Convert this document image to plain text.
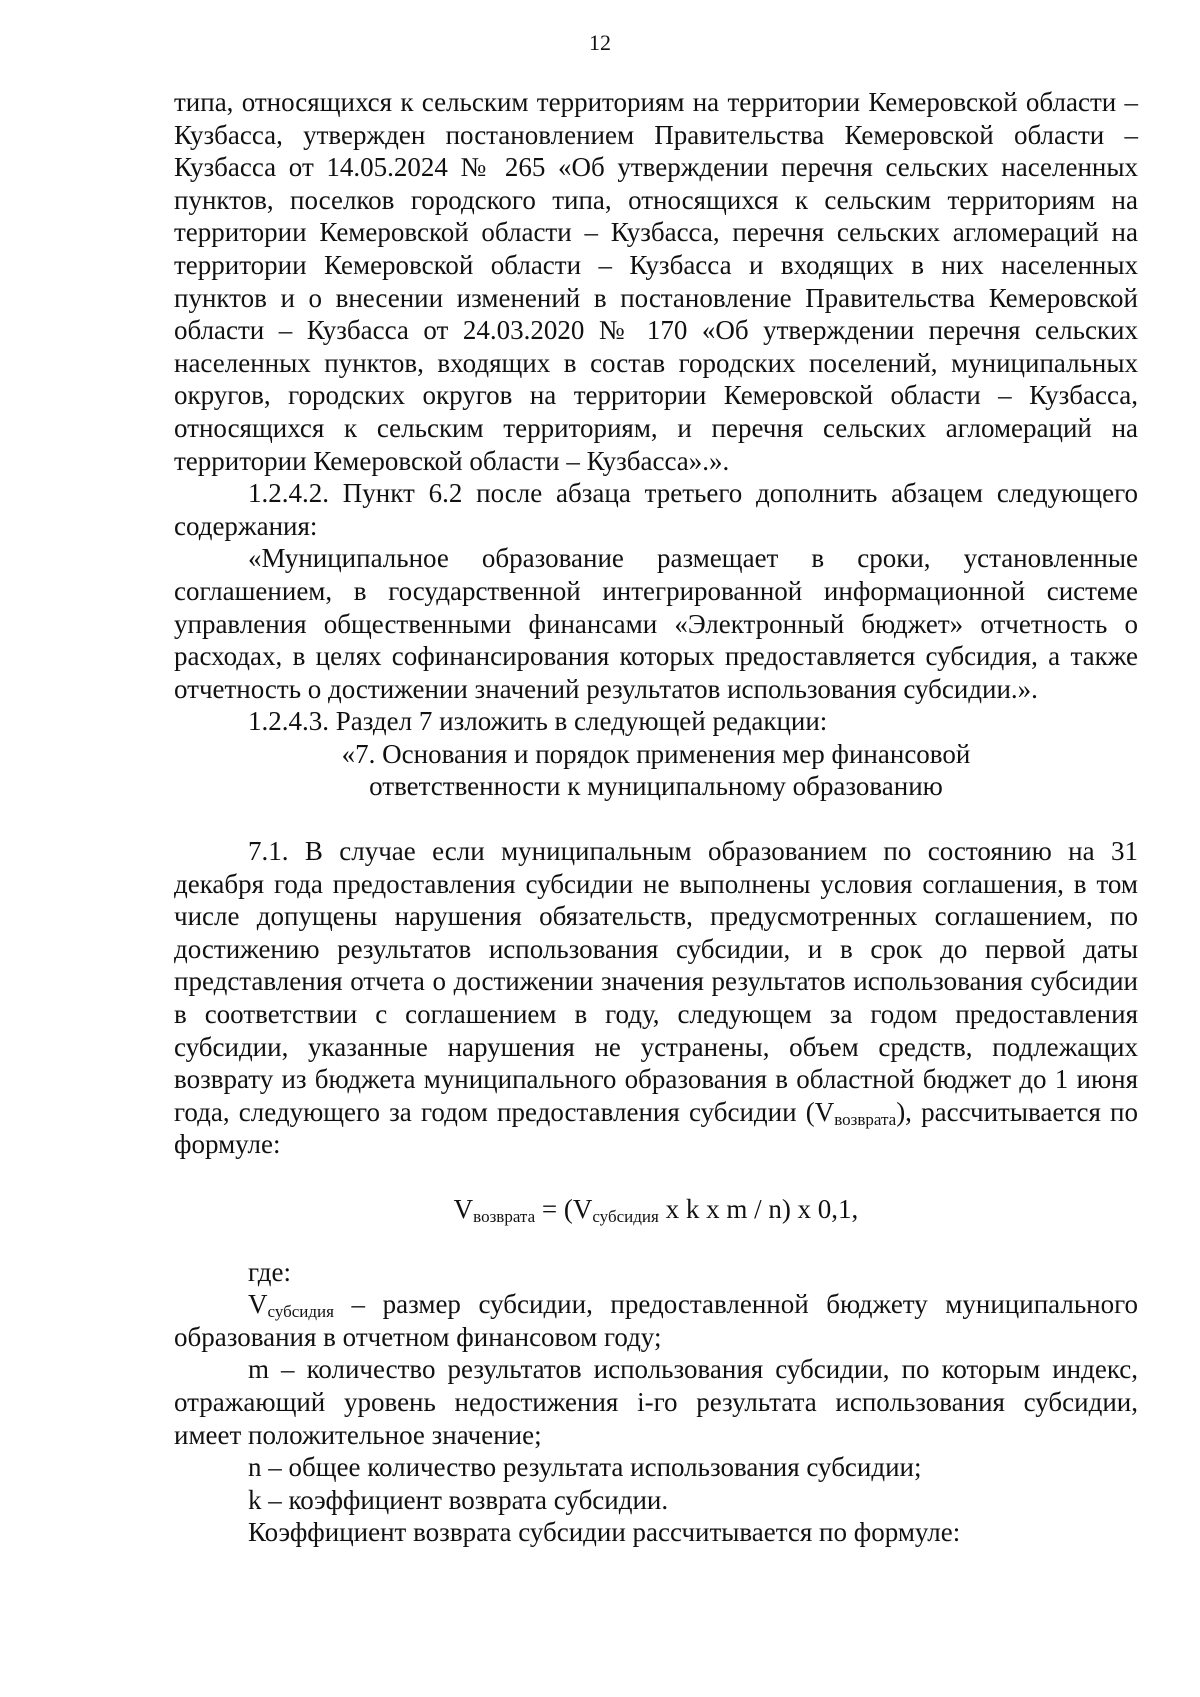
12

типа, относящихся к сельским территориям на территории Кемеровской области – Кузбасса, утвержден постановлением Правительства Кемеровской области – Кузбасса от 14.05.2024 № 265 «Об утверждении перечня сельских населенных пунктов, поселков городского типа, относящихся к сельским территориям на территории Кемеровской области – Кузбасса, перечня сельских агломераций на территории Кемеровской области – Кузбасса и входящих в них населенных пунктов и о внесении изменений в постановление Правительства Кемеровской области – Кузбасса от 24.03.2020 № 170 «Об утверждении перечня сельских населенных пунктов, входящих в состав городских поселений, муниципальных округов, городских округов на территории Кемеровской области – Кузбасса, относящихся к сельским территориям, и перечня сельских агломераций на территории Кемеровской области – Кузбасса».».

1.2.4.2. Пункт 6.2 после абзаца третьего дополнить абзацем следующего содержания:

«Муниципальное образование размещает в сроки, установленные соглашением, в государственной интегрированной информационной системе управления общественными финансами «Электронный бюджет» отчетность о расходах, в целях софинансирования которых предоставляется субсидия, а также отчетность о достижении значений результатов использования субсидии.».

1.2.4.3. Раздел 7 изложить в следующей редакции:

«7. Основания и порядок применения мер финансовой

ответственности к муниципальному образованию

7.1. В случае если муниципальным образованием по состоянию на 31 декабря года предоставления субсидии не выполнены условия соглашения, в том числе допущены нарушения обязательств, предусмотренных соглашением, по достижению результатов использования субсидии, и в срок до первой даты представления отчета о достижении значения результатов использования субсидии в соответствии с соглашением в году, следующем за годом предоставления субсидии, указанные нарушения не устранены, объем средств, подлежащих возврату из бюджета муниципального образования в областной бюджет до 1 июня года, следующего за годом предоставления субсидии $(V_{возврата})$, рассчитывается по формуле:

$V_{возврата} = (V_{субсидия}$ x k x m / n) x 0,1,

где:

$V_{субсидия}$ – размер субсидии, предоставленной бюджету муниципального образования в отчетном финансовом году;

m – количество результатов использования субсидии, по которым индекс, отражающий уровень недостижения i-го результата использования субсидии, имеет положительное значение;

n – общее количество результата использования субсидии;

k – коэффициент возврата субсидии.

Коэффициент возврата субсидии рассчитывается по формуле:
